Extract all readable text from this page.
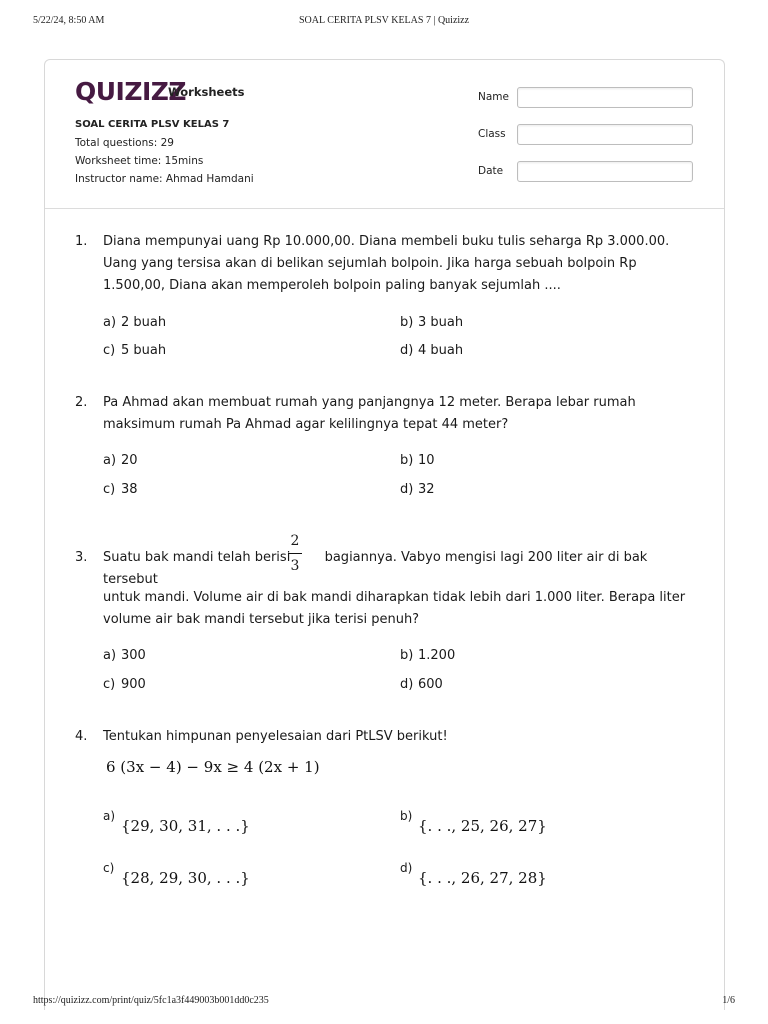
5/22/24, 8:50 AM	SOAL CERITA PLSV KELAS 7 | Quizizz
QUIZIZZ
Worksheets
SOAL CERITA PLSV KELAS 7
Total questions: 29
Worksheet time: 15mins
Instructor name: Ahmad Hamdani
Name
Class
Date
1. Diana mempunyai uang Rp 10.000,00. Diana membeli buku tulis seharga Rp 3.000.00. Uang yang tersisa akan di belikan sejumlah bolpoin. Jika harga sebuah bolpoin Rp 1.500,00, Diana akan memperoleh bolpoin paling banyak sejumlah ....
a) 2 buah	b) 3 buah
c) 5 buah	d) 4 buah
2. Pa Ahmad akan membuat rumah yang panjangnya 12 meter. Berapa lebar rumah maksimum rumah Pa Ahmad agar kelilingnya tepat 44 meter?
a) 20	b) 10
c) 38	d) 32
3. Suatu bak mandi telah berisi	bagiannya. Vabyo mengisi lagi 200 liter air di bak tersebut
2
3
untuk mandi. Volume air di bak mandi diharapkan tidak lebih dari 1.000 liter. Berapa liter volume air bak mandi tersebut jika terisi penuh?
a) 300	b) 1.200
c) 900	d) 600
4. Tentukan himpunan penyelesaian dari PtLSV berikut!
6 (3x − 4) − 9x ≥ 4 (2x + 1)
a){29, 30, 31, . . .}
b){. . ., 25, 26, 27}
c){28, 29, 30, . . .}
d){. . ., 26, 27, 28}
https://quizizz.com/print/quiz/5fc1a3f449003b001dd0c235	1/6
